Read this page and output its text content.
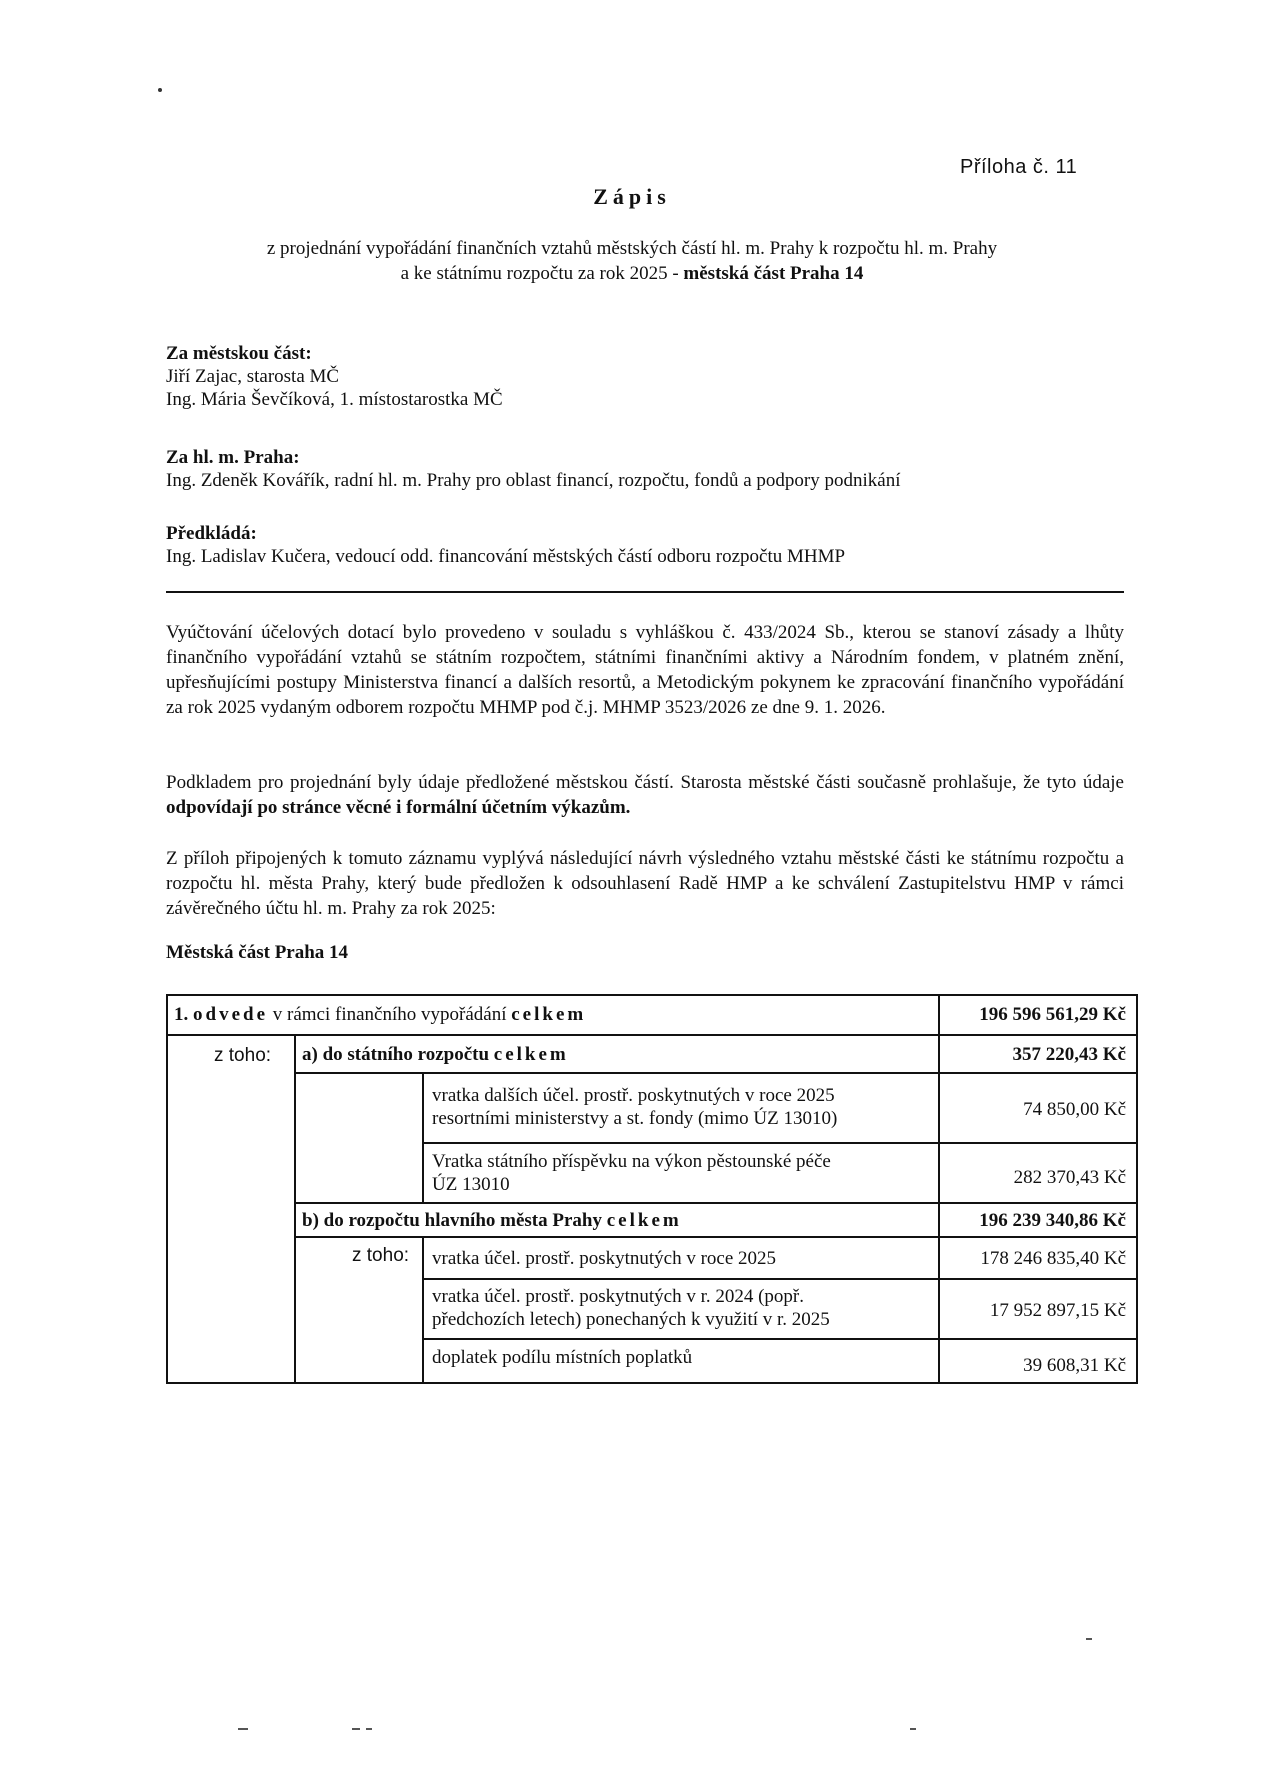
Příloha č. 11
Zápis
z projednání vypořádání finančních vztahů městských částí hl. m. Prahy k rozpočtu hl. m. Prahy
a ke státnímu rozpočtu za rok 2025 - městská část Praha 14
Za městskou část:
Jiří Zajac, starosta MČ
Ing. Mária Ševčíková, 1. místostarostka MČ
Za hl. m. Praha:
Ing. Zdeněk Kovářík, radní hl. m. Prahy pro oblast financí, rozpočtu, fondů a podpory podnikání
Předkládá:
Ing. Ladislav Kučera, vedoucí odd. financování městských částí odboru rozpočtu MHMP
Vyúčtování účelových dotací bylo provedeno v souladu s vyhláškou č. 433/2024 Sb., kterou se stanoví zásady a lhůty finančního vypořádání vztahů se státním rozpočtem, státními finančními aktivy a Národním fondem, v platném znění, upřesňujícími postupy Ministerstva financí a dalších resortů, a Metodickým pokynem ke zpracování finančního vypořádání za rok 2025 vydaným odborem rozpočtu MHMP pod č.j. MHMP 3523/2026 ze dne 9. 1. 2026.
Podkladem pro projednání byly údaje předložené městskou částí. Starosta městské části současně prohlašuje, že tyto údaje odpovídají po stránce věcné i formální účetním výkazům.
Z příloh připojených k tomuto záznamu vyplývá následující návrh výsledného vztahu městské části ke státnímu rozpočtu a rozpočtu hl. města Prahy, který bude předložen k odsouhlasení Radě HMP a ke schválení Zastupitelstvu HMP v rámci závěrečného účtu hl. m. Prahy za rok 2025:
Městská část Praha 14
1. odvede v rámci finančního vypořádání celkem	196 596 561,29 Kč
z toho: a) do státního rozpočtu celkem	357 220,43 Kč
vratka dalších účel. prostř. poskytnutých v roce 2025
resortními ministerstvy a st. fondy (mimo ÚZ 13010)	74 850,00 Kč
Vratka státního příspěvku na výkon pěstounské péče
ÚZ 13010	282 370,43 Kč
b) do rozpočtu hlavního města Prahy celkem	196 239 340,86 Kč
z toho: vratka účel. prostř. poskytnutých v roce 2025	178 246 835,40 Kč
vratka účel. prostř. poskytnutých v r. 2024 (popř.
předchozích letech) ponechaných k využití v r. 2025	17 952 897,15 Kč
doplatek podílu místních poplatků	39 608,31 Kč
